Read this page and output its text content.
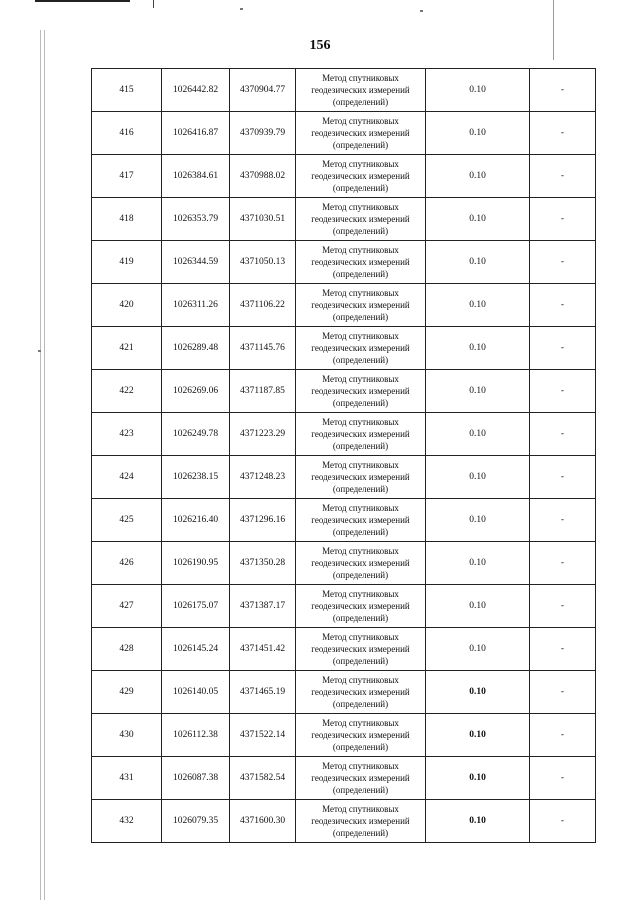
156
415	1026442.82	4370904.77	Метод спутниковых
геодезических измерений
(определений)	0.10	-
416	1026416.87	4370939.79	Метод спутниковых
геодезических измерений
(определений)	0.10	-
417	1026384.61	4370988.02	Метод спутниковых
геодезических измерений
(определений)	0.10	-
418	1026353.79	4371030.51	Метод спутниковых
геодезических измерений
(определений)	0.10	-
419	1026344.59	4371050.13	Метод спутниковых
геодезических измерений
(определений)	0.10	-
420	1026311.26	4371106.22	Метод спутниковых
геодезических измерений
(определений)	0.10	-
421	1026289.48	4371145.76	Метод спутниковых
геодезических измерений
(определений)	0.10	-
422	1026269.06	4371187.85	Метод спутниковых
геодезических измерений
(определений)	0.10	-
423	1026249.78	4371223.29	Метод спутниковых
геодезических измерений
(определений)	0.10	-
424	1026238.15	4371248.23	Метод спутниковых
геодезических измерений
(определений)	0.10	-
425	1026216.40	4371296.16	Метод спутниковых
геодезических измерений
(определений)	0.10	-
426	1026190.95	4371350.28	Метод спутниковых
геодезических измерений
(определений)	0.10	-
427	1026175.07	4371387.17	Метод спутниковых
геодезических измерений
(определений)	0.10	-
428	1026145.24	4371451.42	Метод спутниковых
геодезических измерений
(определений)	0.10	-
429	1026140.05	4371465.19	Метод спутниковых
геодезических измерений
(определений)	0.10	-
430	1026112.38	4371522.14	Метод спутниковых
геодезических измерений
(определений)	0.10	-
431	1026087.38	4371582.54	Метод спутниковых
геодезических измерений
(определений)	0.10	-
432	1026079.35	4371600.30	Метод спутниковых
геодезических измерений
(определений)	0.10	-
